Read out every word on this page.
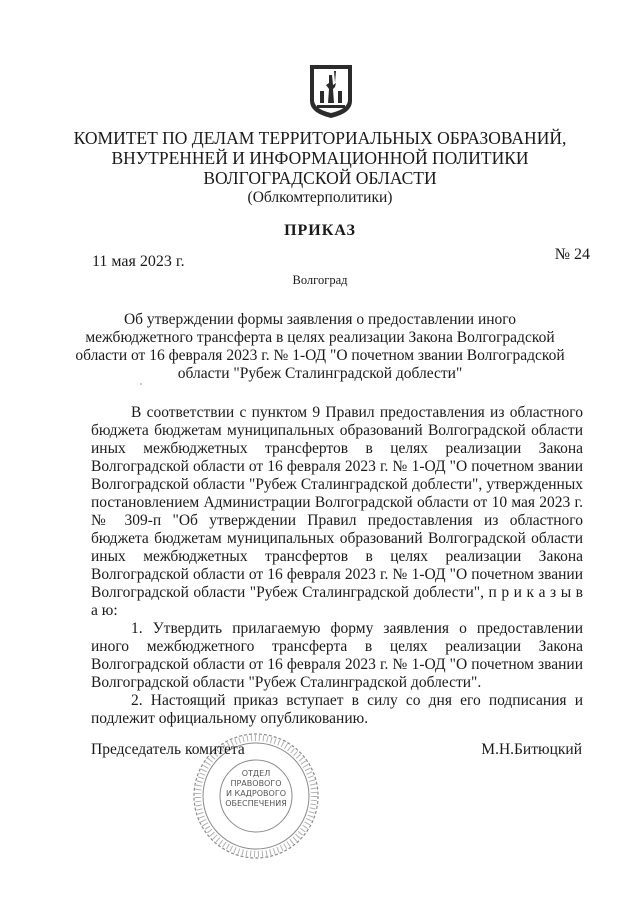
КОМИТЕТ ПО ДЕЛАМ ТЕРРИТОРИАЛЬНЫХ ОБРАЗОВАНИЙ,
ВНУТРЕННЕЙ И ИНФОРМАЦИОННОЙ ПОЛИТИКИ
ВОЛГОГРАДСКОЙ ОБЛАСТИ
(Облкомтерполитики)
ПРИКАЗ
11 мая 2023 г.	№ 24
Волгоград
Об утверждении формы заявления о предоставлении иного межбюджетного трансферта в целях реализации Закона Волгоградской области от 16 февраля 2023 г. № 1-ОД "О почетном звании Волгоградской области "Рубеж Сталинградской доблести"

В соответствии с пунктом 9 Правил предоставления из областного бюджета бюджетам муниципальных образований Волгоградской области иных межбюджетных трансфертов в целях реализации Закона Волгоградской области от 16 февраля 2023 г. № 1-ОД "О почетном звании Волгоградской области "Рубеж Сталинградской доблести", утвержденных постановлением Администрации Волгоградской области от 10 мая 2023 г. № 309-п "Об утверждении Правил предоставления из областного бюджета бюджетам муниципальных образований Волгоградской области иных межбюджетных трансфертов в целях реализации Закона Волгоградской области от 16 февраля 2023 г. № 1-ОД "О почетном звании Волгоградской области "Рубеж Сталинградской доблести", п р и к а з ы в а ю:

1. Утвердить прилагаемую форму заявления о предоставлении иного межбюджетного трансферта в целях реализации Закона Волгоградской области от 16 февраля 2023 г. № 1-ОД "О почетном звании Волгоградской области "Рубеж Сталинградской доблести".

2. Настоящий приказ вступает в силу со дня его подписания и подлежит официальному опубликованию.

ОТДЕЛ
ПРАВОВОГО
И КАДРОВОГО
ОБЕСПЕЧЕНИЯ
Председатель комитета	М.Н.Битюцкий
